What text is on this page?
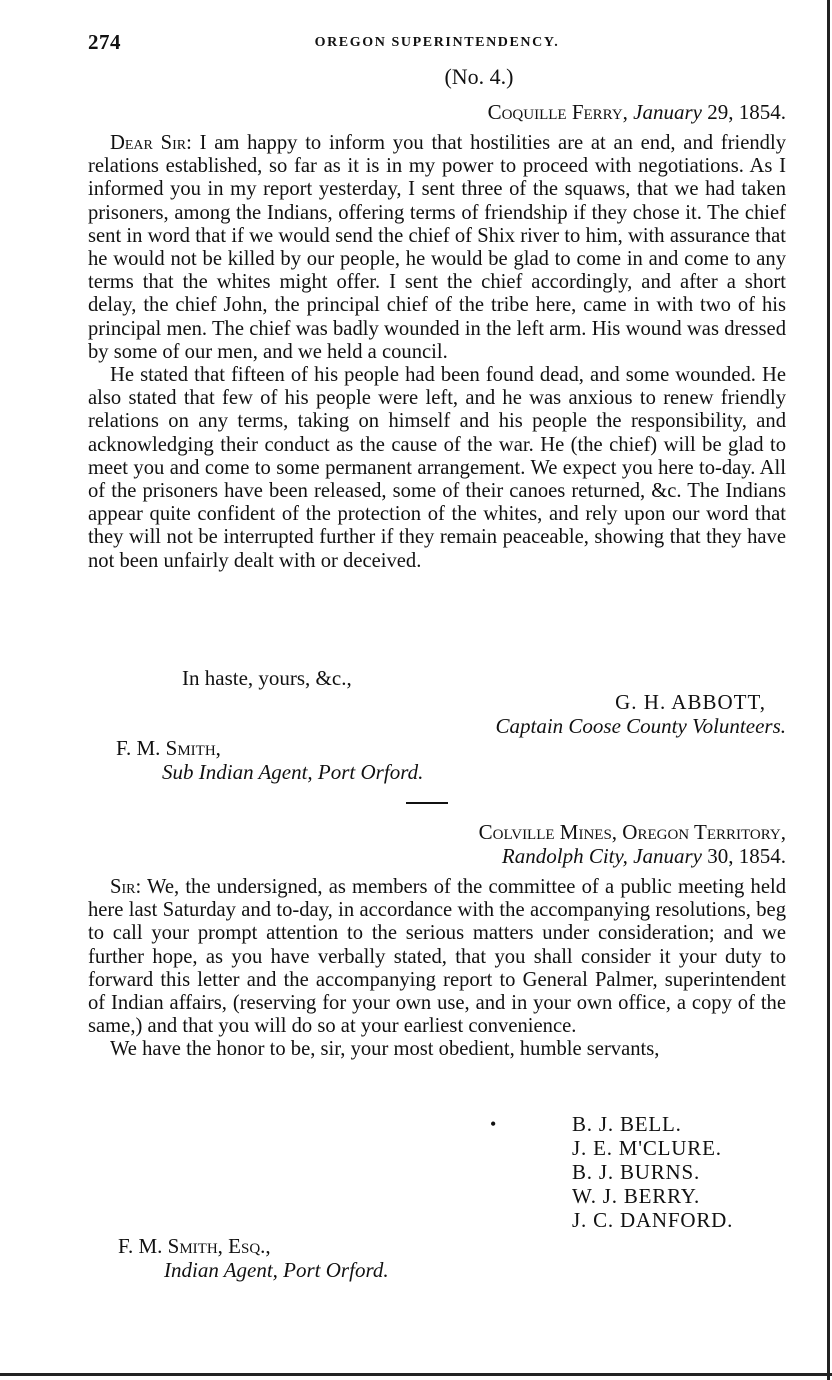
274	OREGON SUPERINTENDENCY.
(No. 4.)
Coquille Ferry, January 29, 1854.

Dear Sir: I am happy to inform you that hostilities are at an end, and friendly relations established, so far as it is in my power to proceed with negotiations. As I informed you in my report yesterday, I sent three of the squaws, that we had taken prisoners, among the Indians, offering terms of friendship if they chose it. The chief sent in word that if we would send the chief of Shix river to him, with assurance that he would not be killed by our people, he would be glad to come in and come to any terms that the whites might offer. I sent the chief accordingly, and after a short delay, the chief John, the principal chief of the tribe here, came in with two of his principal men. The chief was badly wounded in the left arm. His wound was dressed by some of our men, and we held a council.

He stated that fifteen of his people had been found dead, and some wounded. He also stated that few of his people were left, and he was anxious to renew friendly relations on any terms, taking on himself and his people the responsibility, and acknowledging their conduct as the cause of the war. He (the chief) will be glad to meet you and come to some permanent arrangement. We expect you here to-day. All of the prisoners have been released, some of their canoes returned, &c. The Indians appear quite confident of the protection of the whites, and rely upon our word that they will not be interrupted further if they remain peaceable, showing that they have not been unfairly dealt with or deceived.

In haste, yours, &c.,
G. H. ABBOTT,
Captain Coose County Volunteers.
F. M. Smith,
Sub Indian Agent, Port Orford.
Colville Mines, Oregon Territory,
Randolph City, January 30, 1854.

Sir: We, the undersigned, as members of the committee of a public meeting held here last Saturday and to-day, in accordance with the accompanying resolutions, beg to call your prompt attention to the serious matters under consideration; and we further hope, as you have verbally stated, that you shall consider it your duty to forward this letter and the accompanying report to General Palmer, superintendent of Indian affairs, (reserving for your own use, and in your own office, a copy of the same,) and that you will do so at your earliest convenience.

We have the honor to be, sir, your most obedient, humble servants,

•	B. J. BELL.
J. E. M'CLURE.
B. J. BURNS.
W. J. BERRY.
J. C. DANFORD.
F. M. Smith, Esq.,
Indian Agent, Port Orford.
